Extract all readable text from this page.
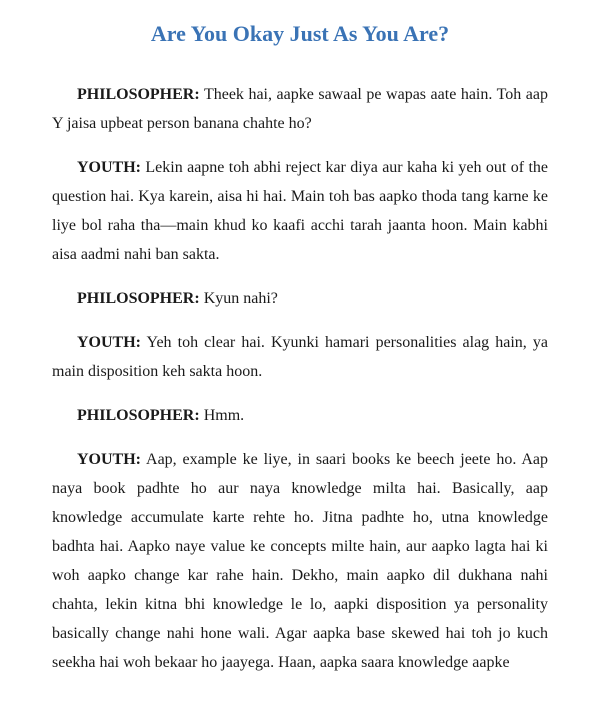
Are You Okay Just As You Are?

PHILOSOPHER: Theek hai, aapke sawaal pe wapas aate hain. Toh aap Y jaisa upbeat person banana chahte ho?

YOUTH: Lekin aapne toh abhi reject kar diya aur kaha ki yeh out of the question hai. Kya karein, aisa hi hai. Main toh bas aapko thoda tang karne ke liye bol raha tha—main khud ko kaafi acchi tarah jaanta hoon. Main kabhi aisa aadmi nahi ban sakta.

PHILOSOPHER: Kyun nahi?

YOUTH: Yeh toh clear hai. Kyunki hamari personalities alag hain, ya main disposition keh sakta hoon.

PHILOSOPHER: Hmm.

YOUTH: Aap, example ke liye, in saari books ke beech jeete ho. Aap naya book padhte ho aur naya knowledge milta hai. Basically, aap knowledge accumulate karte rehte ho. Jitna padhte ho, utna knowledge badhta hai. Aapko naye value ke concepts milte hain, aur aapko lagta hai ki woh aapko change kar rahe hain. Dekho, main aapko dil dukhana nahi chahta, lekin kitna bhi knowledge le lo, aapki disposition ya personality basically change nahi hone wali. Agar aapka base skewed hai toh jo kuch seekha hai woh bekaar ho jaayega. Haan, aapka saara knowledge aapke
